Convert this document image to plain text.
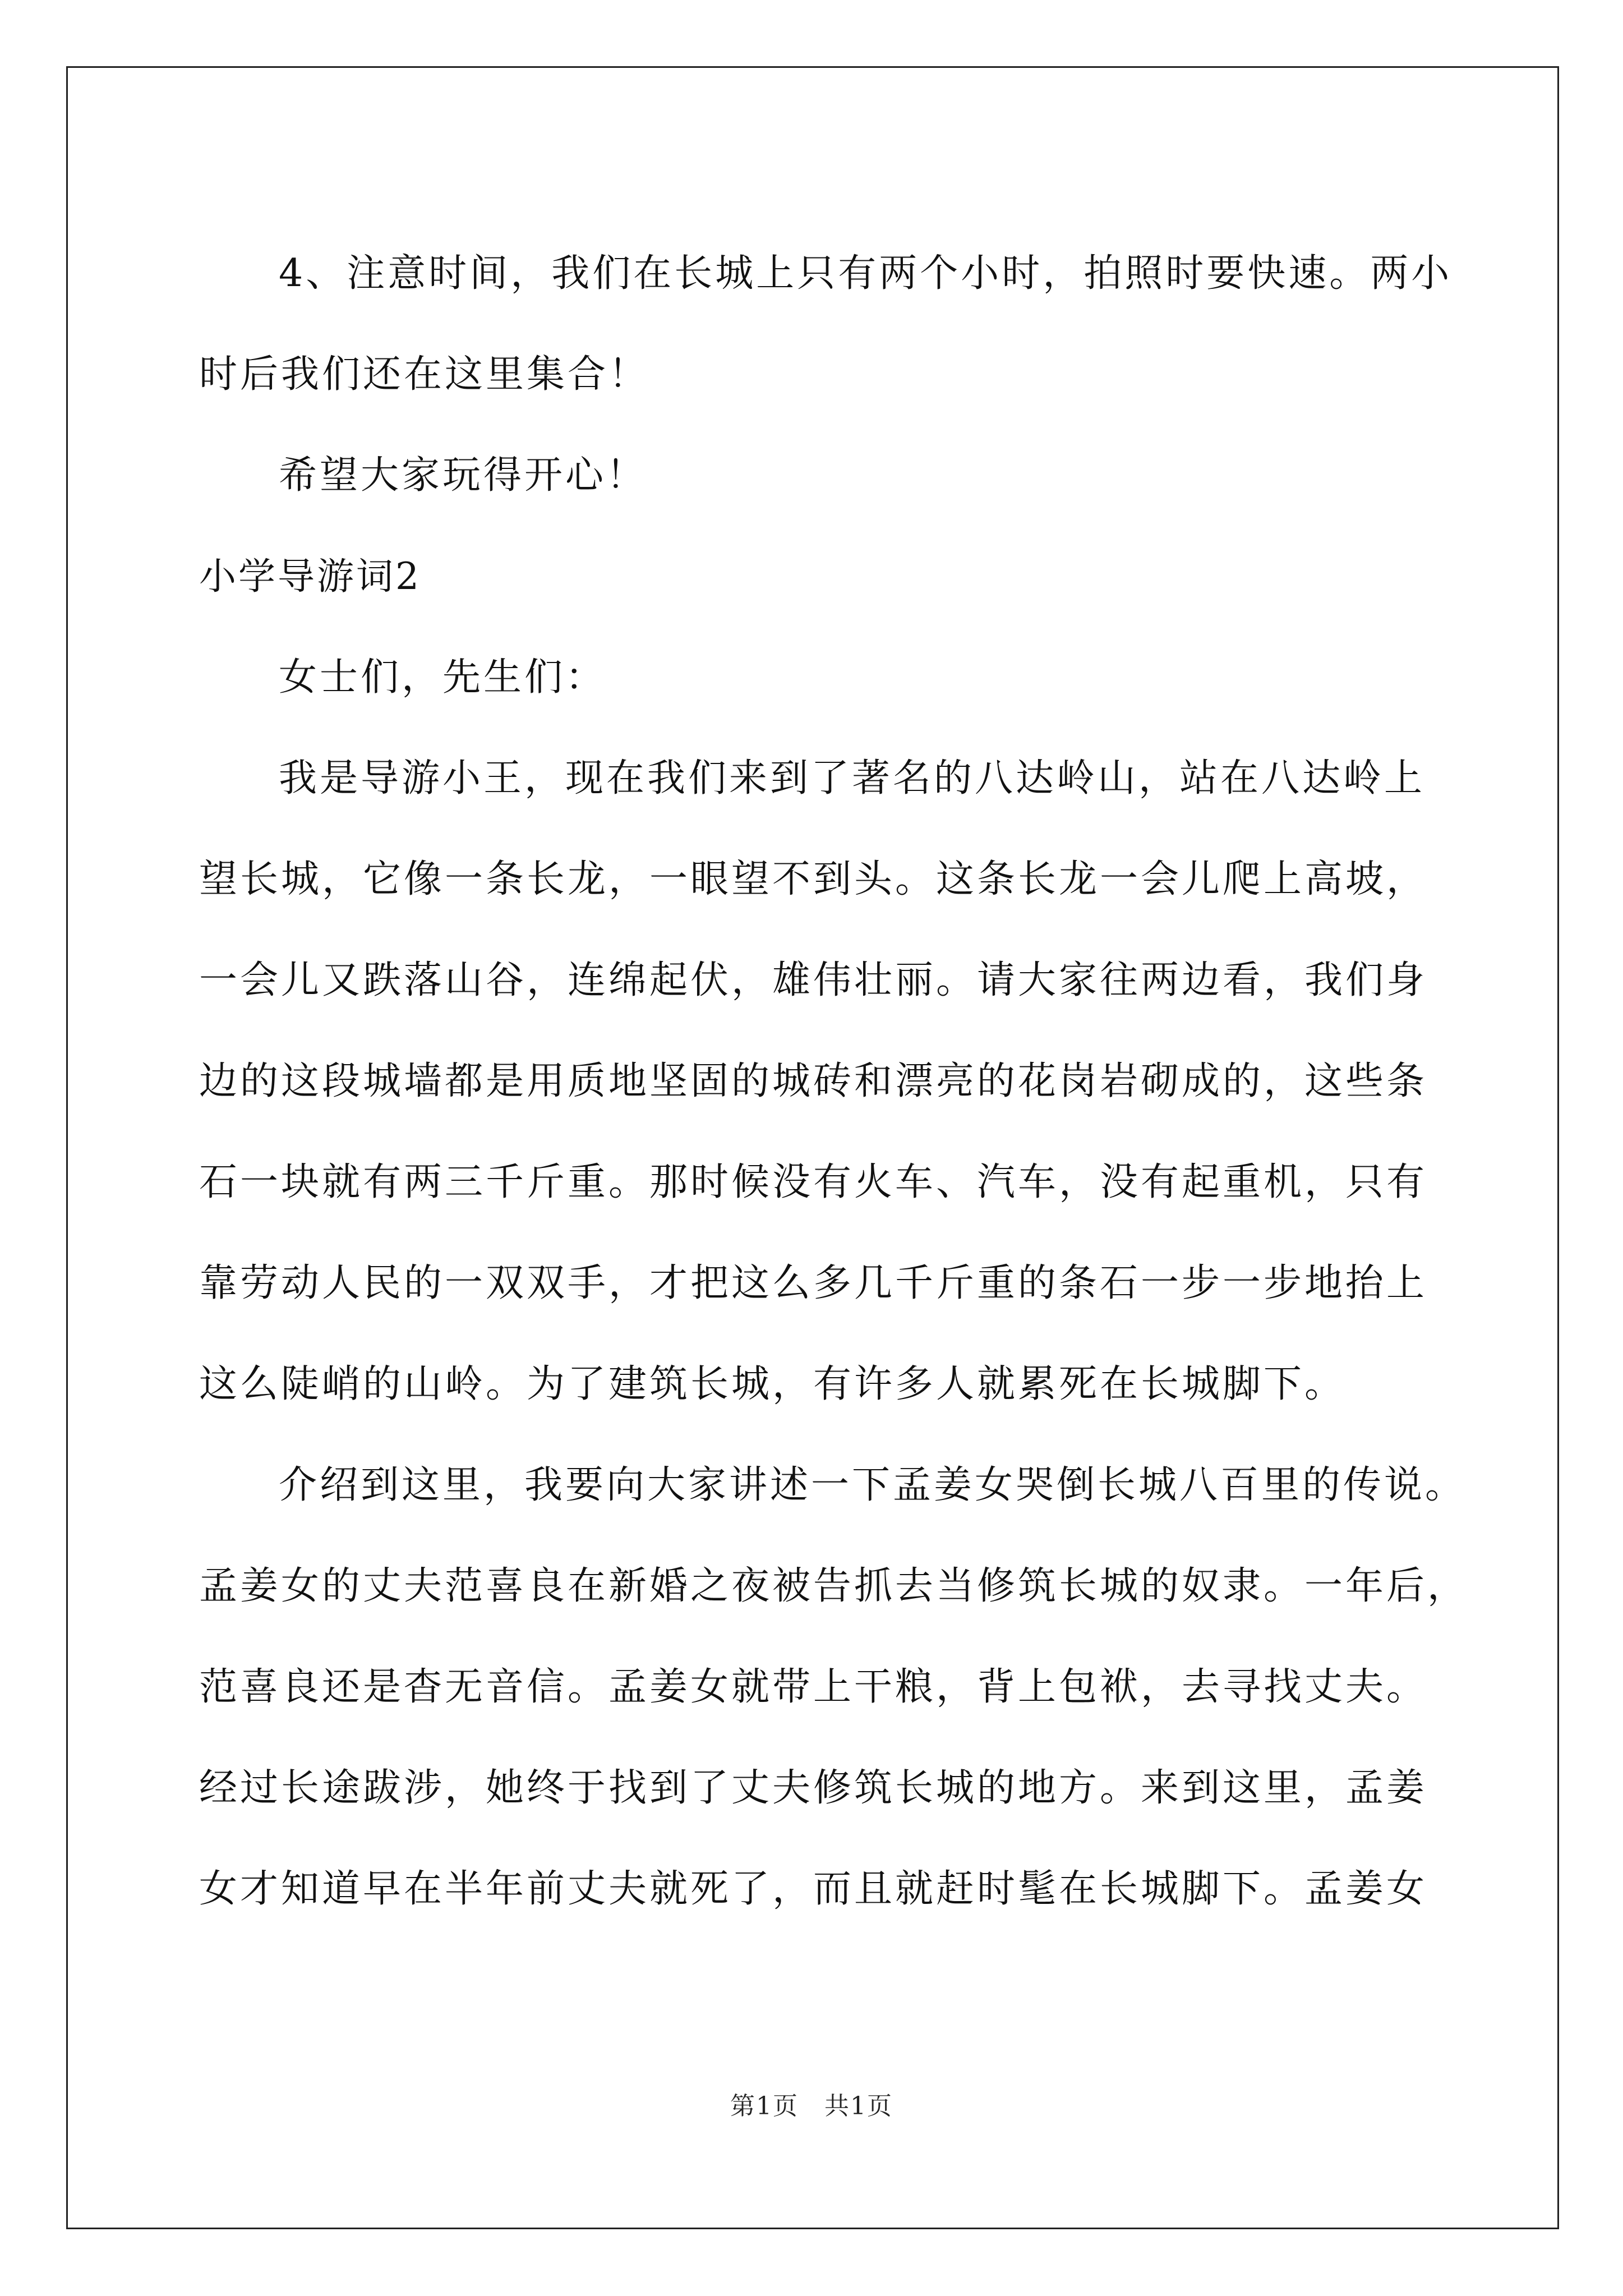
4、注意时间，我们在长城上只有两个小时，拍照时要快速。两小

时后我们还在这里集合！

希望大家玩得开心！

小学导游词2

女士们，先生们：

我是导游小王，现在我们来到了著名的八达岭山，站在八达岭上

望长城，它像一条长龙，一眼望不到头。这条长龙一会儿爬上高坡，

一会儿又跌落山谷，连绵起伏，雄伟壮丽。请大家往两边看，我们身

边的这段城墙都是用质地坚固的城砖和漂亮的花岗岩砌成的，这些条

石一块就有两三千斤重。那时候没有火车、汽车，没有起重机，只有

靠劳动人民的一双双手，才把这么多几千斤重的条石一步一步地抬上

这么陡峭的山岭。为了建筑长城，有许多人就累死在长城脚下。

介绍到这里，我要向大家讲述一下孟姜女哭倒长城八百里的传说。

孟姜女的丈夫范喜良在新婚之夜被告抓去当修筑长城的奴隶。一年后，

范喜良还是杳无音信。孟姜女就带上干粮，背上包袱，去寻找丈夫。

经过长途跋涉，她终于找到了丈夫修筑长城的地方。来到这里，孟姜

女才知道早在半年前丈夫就死了，而且就赶时髦在长城脚下。孟姜女

第1页　共1页
